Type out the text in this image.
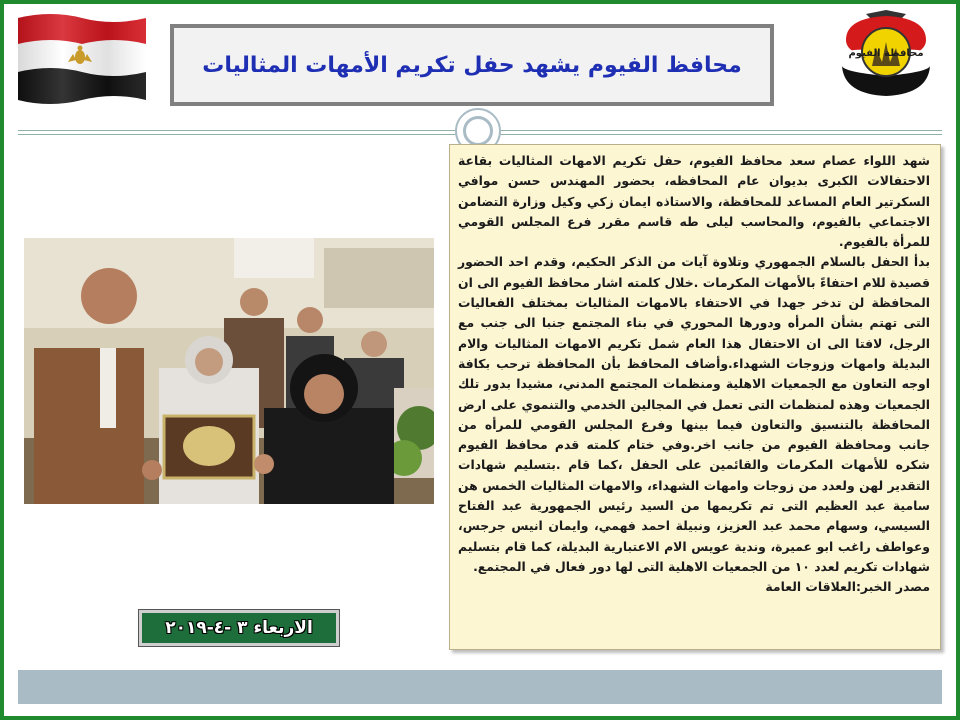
محافظة الفيوم
محافظ الفيوم يشهد حفل تكريم الأمهات المثاليات
الاربعاء ٣ -٤-٢٠١٩

شهد اللواء عصام سعد محافظ الفيوم، حفل تكريم الامهات المثاليات بقاعة الاحتفالات الكبرى بديوان عام المحافظه، بحضور المهندس حسن موافي السكرتير العام المساعد للمحافظة، والاستاذه ايمان زكي وكيل وزارة التضامن الاجتماعي بالفيوم، والمحاسب ليلى طه قاسم مقرر فرع المجلس القومي للمرأة بالفيوم.

بدأ الحفل بالسلام الجمهوري وتلاوة آيات من الذكر الحكيم، وقدم احد الحضور قصيدة للام احتفاءً بالأمهات المكرمات .خلال كلمته اشار محافظ الفيوم الى ان المحافظة لن تدخر جهدا في الاحتفاء بالامهات المثاليات بمختلف الفعاليات التى تهتم بشأن المرأه ودورها المحوري في بناء المجتمع جنبا الى جنب مع الرجل، لافتا الى ان الاحتفال هذا العام شمل تكريم الامهات المثاليات والام البديلة وامهات وزوجات الشهداء.وأضاف المحافظ بأن المحافظة ترحب بكافة اوجه التعاون مع الجمعيات الاهلية ومنظمات المجتمع المدني، مشيدا بدور تلك الجمعيات وهذه لمنظمات التى تعمل في المجالين الخدمي والتنموي على ارض المحافظة بالتنسيق والتعاون فيما بينها وفرع المجلس القومي للمرأه من جانب ومحافظة الفيوم من جانب اخر.وفي ختام كلمته قدم محافظ الفيوم شكره للأمهات المكرمات والقائمين على الحفل ،كما قام .بتسليم شهادات التقدير لهن ولعدد من زوجات وامهات الشهداء، والامهات المثاليات الخمس هن سامية عبد العظيم التى تم تكريمها من السيد رئيس الجمهورية عبد الفتاح السيسي، وسهام محمد عبد العزيز، ونبيلة احمد فهمي، وايمان انيس جرجس، وعواطف راغب ابو عميرة، وندية عويس الام الاعتبارية البديلة، كما قام بتسليم شهادات تكريم لعدد ١٠ من الجمعيات الاهلية التى لها دور فعال في المجتمع.

مصدر الخبر:العلاقات العامة
